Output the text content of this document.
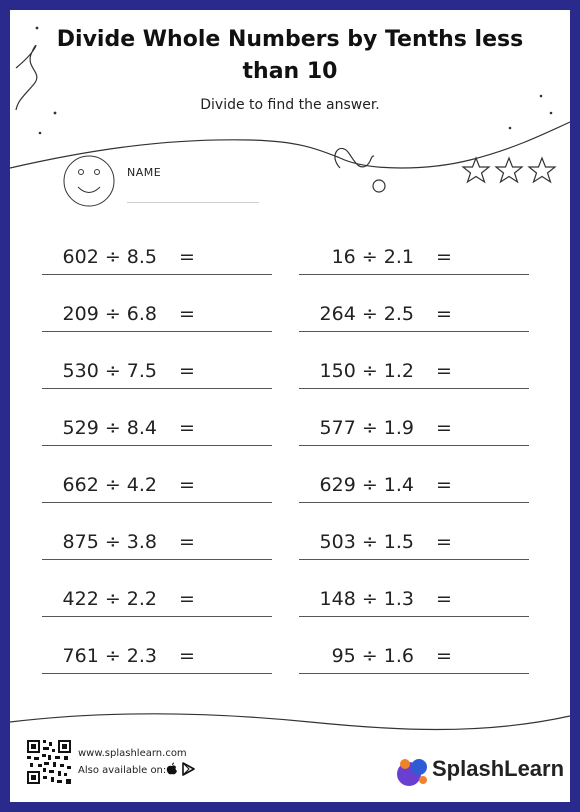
Divide Whole Numbers by Tenths less than 10
Divide to find the answer.
NAME
602 ÷ 8.5 =
209 ÷ 6.8 =
530 ÷ 7.5 =
529 ÷ 8.4 =
662 ÷ 4.2 =
875 ÷ 3.8 =
422 ÷ 2.2 =
761 ÷ 2.3 =
16 ÷ 2.1 =
264 ÷ 2.5 =
150 ÷ 1.2 =
577 ÷ 1.9 =
629 ÷ 1.4 =
503 ÷ 1.5 =
148 ÷ 1.3 =
95 ÷ 1.6 =
www.splashlearn.com
Also available on:	SplashLearn
